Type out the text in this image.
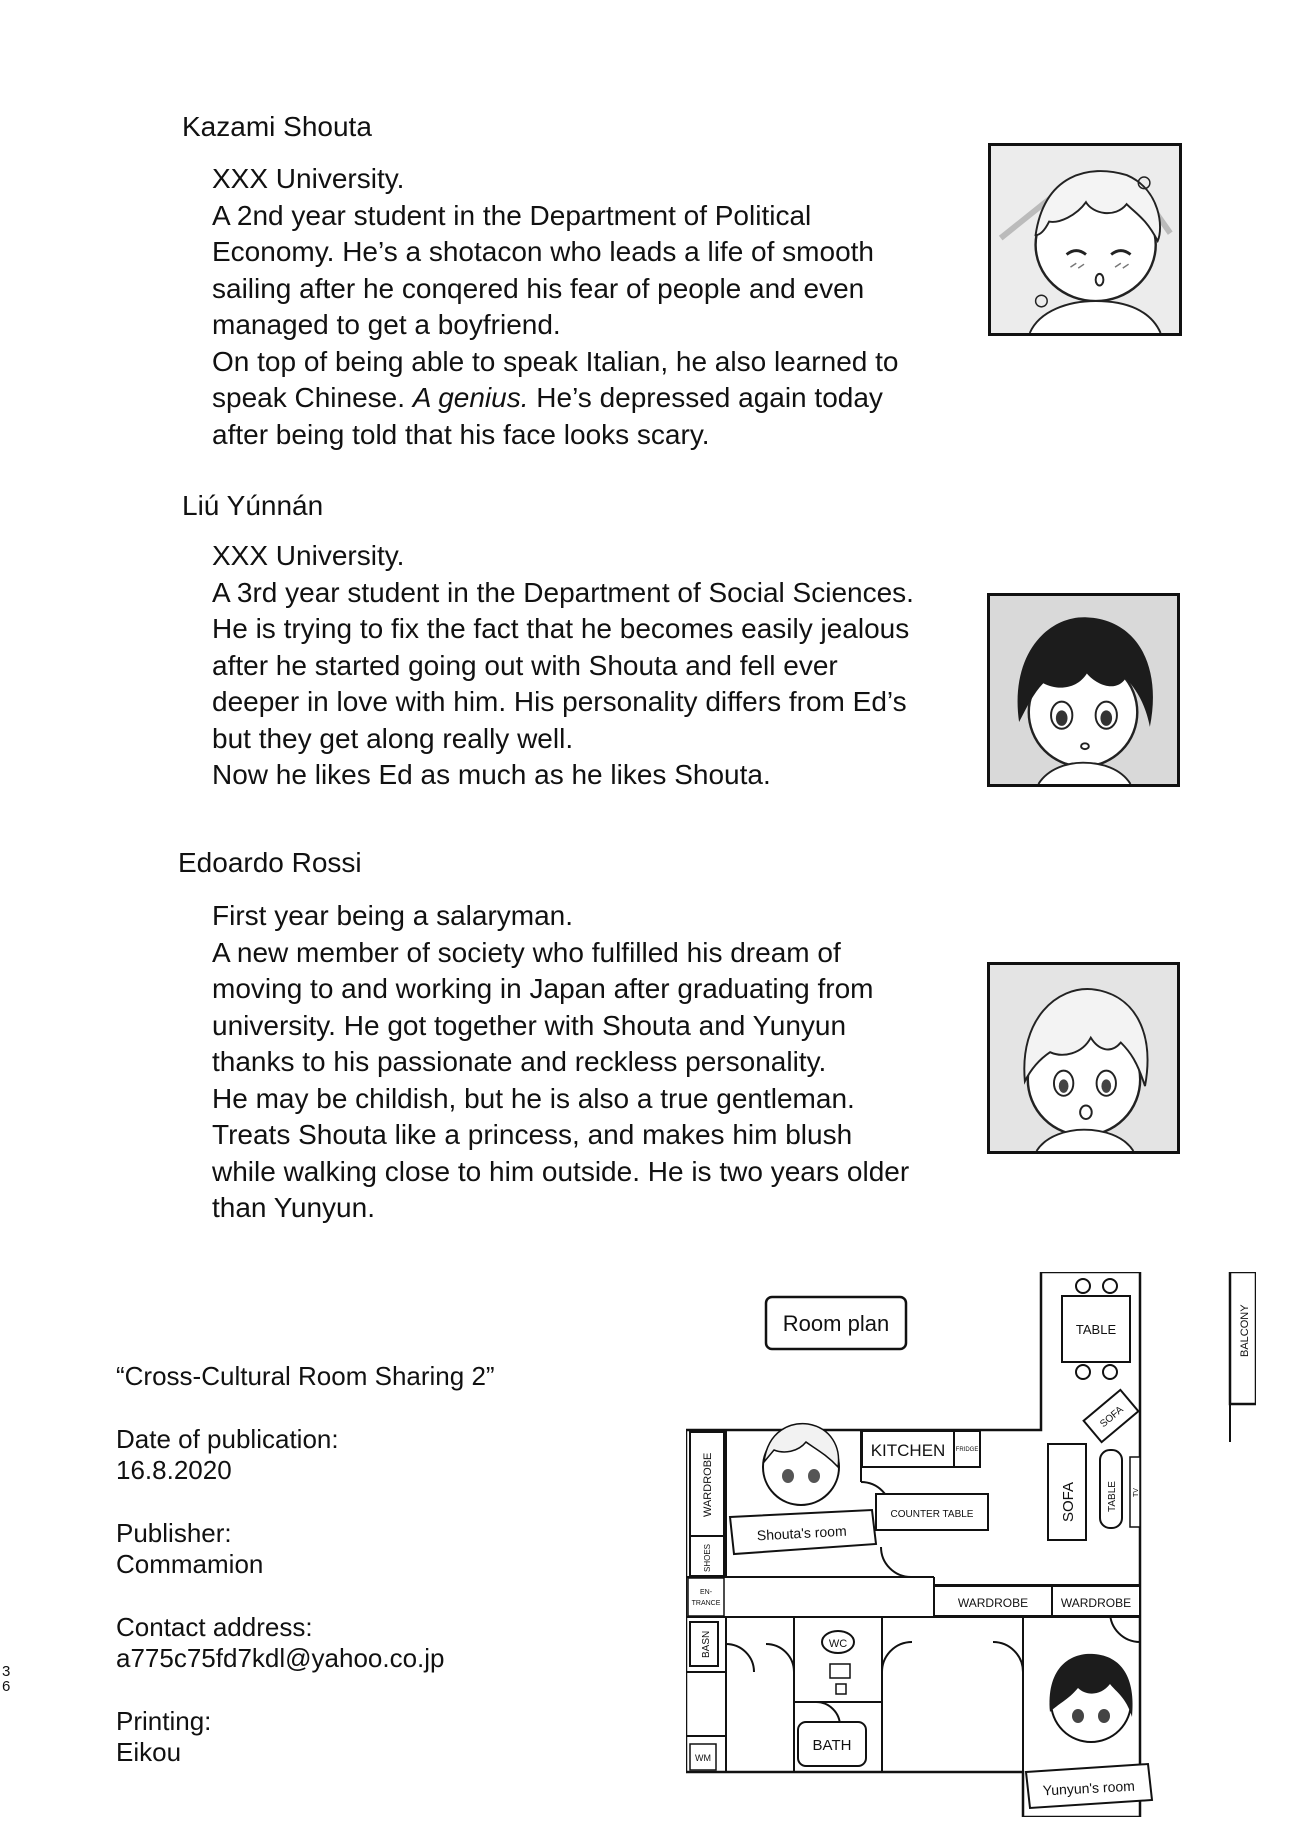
Kazami Shouta

XXX University.

A 2nd year student in the Department of Political

Economy. He’s a shotacon who leads a life of smooth

sailing after he conqered his fear of people and even

managed to get a boyfriend.

On top of being able to speak Italian, he also learned to

speak Chinese. A genius. He’s depressed again today

after being told that his face looks scary.

Liú Yúnnán

XXX University.

A 3rd year student in the Department of Social Sciences.

He is trying to fix the fact that he becomes easily jealous

after he started going out with Shouta and fell ever

deeper in love with him. His personality differs from Ed’s

but they get along really well.

Now he likes Ed as much as he likes Shouta.

Edoardo Rossi

First year being a salaryman.

A new member of society who fulfilled his dream of

moving to and working in Japan after graduating from

university. He got together with Shouta and Yunyun

thanks to his passionate and reckless personality.

He may be childish, but he is also a true gentleman.

Treats Shouta like a princess, and makes him blush

while walking close to him outside. He is two years older

than Yunyun.

“Cross-Cultural Room Sharing 2”
Date of publication:
16.8.2020
Publisher:
Commamion
Contact address:
a775c75fd7kdl@yahoo.co.jp
Printing:
Eikou
3
6
Room plan	TABLE	BALCONY
SOFA
SOFA	TABLE TV
KITCHEN FRIDGE
COUNTER TABLE
WARDROBE
SHOES
Shouta's room
EN-
TRANCE	WARDROBE	WARDROBE
WC
BASN
BATH
WM
Yunyun's room
